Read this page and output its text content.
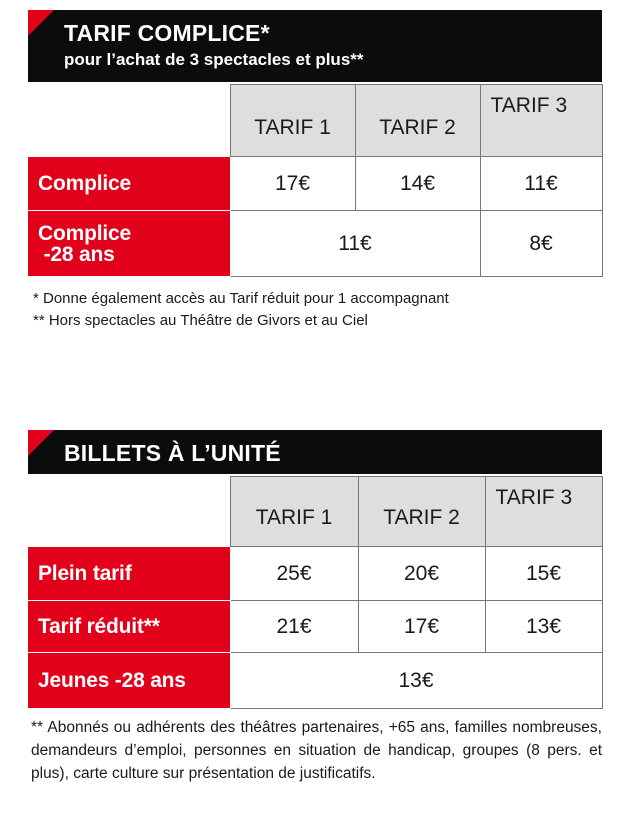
TARIF COMPLICE*
pour l’achat de 3 spectacles et plus**
	TARIF 1	TARIF 2	TARIF 3
Complice	17€	14€	11€

Complice
-28 ans	11€		8€
* Donne également accès au Tarif réduit pour 1 accompagnant
** Hors spectacles au Théâtre de Givors et au Ciel
BILLETS À L’UNITÉ
	TARIF 1	TARIF 2	TARIF 3
Plein tarif	25€	20€	15€
Tarif réduit**	21€	17€	13€
Jeunes -28 ans	13€		
** Abonnés ou adhérents des théâtres partenaires, +65 ans, familles nombreuses, demandeurs d’emploi, personnes en situation de handicap, groupes (8 pers. et plus), carte culture sur présentation de justificatifs.
